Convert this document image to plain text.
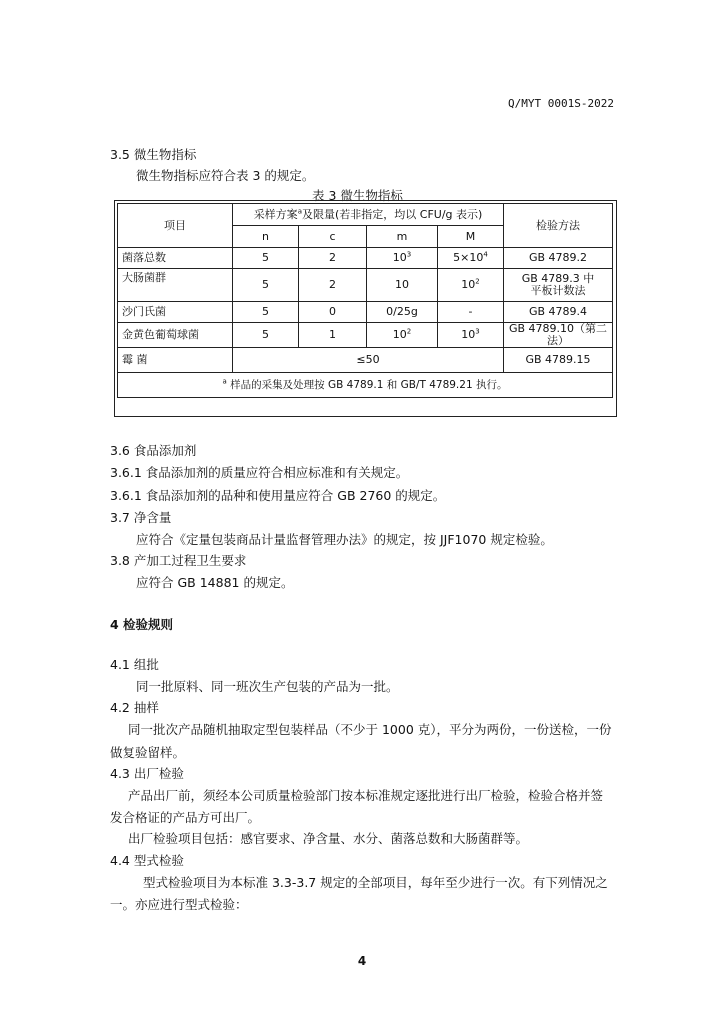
Q/MYT 0001S-2022
3.5 微生物指标
微生物指标应符合表 3 的规定。
表 3 微生物指标
项目	采样方案$^a$及限量(若非指定，均以 CFU/g 表示)				检验方法
	n	c	m	M	
菌落总数	5	2	$10^3$	$5\times 10^4$	GB 4789.2
大肠菌群	5	2	10	$10^2$	GB 4789.3 中
平板计数法

沙门氏菌	5	0	0/25g	-	GB 4789.4
金黄色葡萄球菌	5	1	$10^2$	$10^3$	GB 4789.10（第二法）
霉 菌	≤50				GB 4789.15
$^a$ 样品的采集及处理按 GB 4789.1 和 GB/T 4789.21 执行。					
3.6 食品添加剂
3.6.1 食品添加剂的质量应符合相应标准和有关规定。
3.6.1 食品添加剂的品种和使用量应符合 GB 2760 的规定。
3.7 净含量
应符合《定量包装商品计量监督管理办法》的规定，按 JJF1070 规定检验。
3.8 产加工过程卫生要求
应符合 GB 14881 的规定。
4 检验规则
4.1 组批
同一批原料、同一班次生产包装的产品为一批。
4.2 抽样
同一批次产品随机抽取定型包装样品（不少于 1000 克），平分为两份，一份送检，一份
做复验留样。
4.3 出厂检验
产品出厂前，须经本公司质量检验部门按本标准规定逐批进行出厂检验，检验合格并签
发合格证的产品方可出厂。
出厂检验项目包括：感官要求、净含量、水分、菌落总数和大肠菌群等。
4.4 型式检验
型式检验项目为本标准 3.3-3.7 规定的全部项目，每年至少进行一次。有下列情况之
一。亦应进行型式检验：
4
